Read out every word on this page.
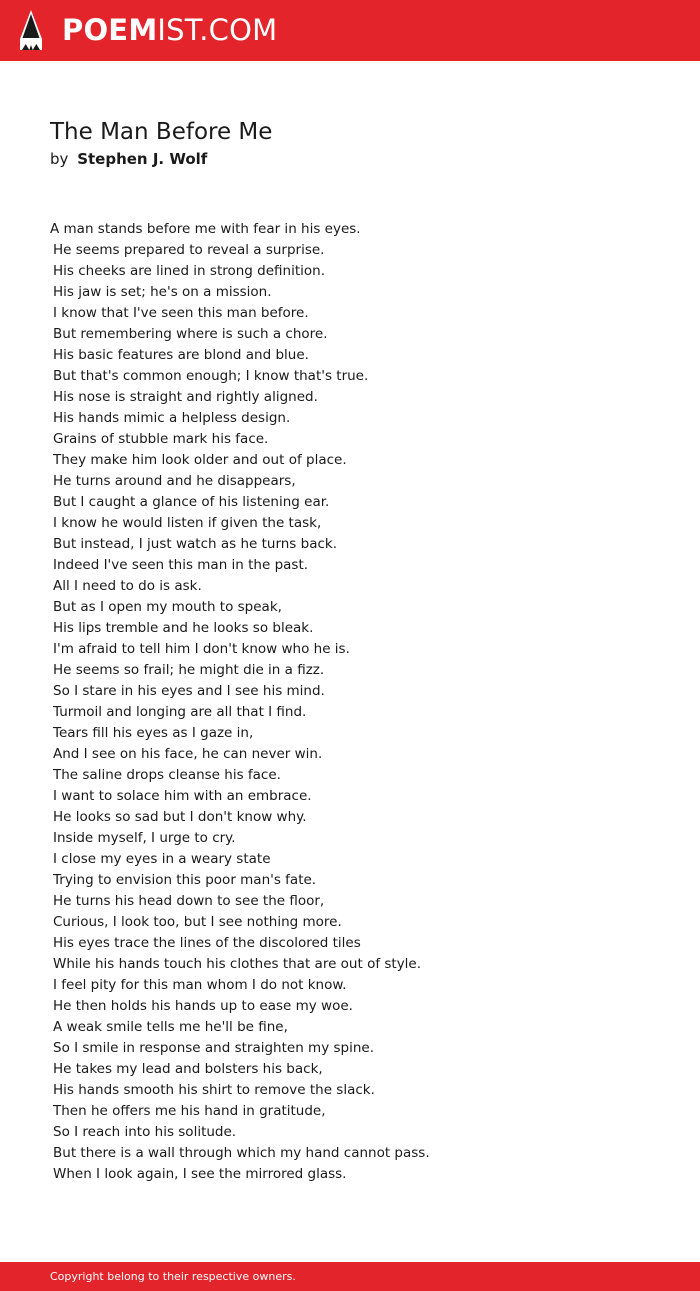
POEMIST.COM
The Man Before Me
by Stephen J. Wolf
A man stands before me with fear in his eyes.
He seems prepared to reveal a surprise.
His cheeks are lined in strong definition.
His jaw is set; he's on a mission.
I know that I've seen this man before.
But remembering where is such a chore.
His basic features are blond and blue.
But that's common enough; I know that's true.
His nose is straight and rightly aligned.
His hands mimic a helpless design.
Grains of stubble mark his face.
They make him look older and out of place.
He turns around and he disappears,
But I caught a glance of his listening ear.
I know he would listen if given the task,
But instead, I just watch as he turns back.
Indeed I've seen this man in the past.
All I need to do is ask.
But as I open my mouth to speak,
His lips tremble and he looks so bleak.
I'm afraid to tell him I don't know who he is.
He seems so frail; he might die in a fizz.
So I stare in his eyes and I see his mind.
Turmoil and longing are all that I find.
Tears fill his eyes as I gaze in,
And I see on his face, he can never win.
The saline drops cleanse his face.
I want to solace him with an embrace.
He looks so sad but I don't know why.
Inside myself, I urge to cry.
I close my eyes in a weary state
Trying to envision this poor man's fate.
He turns his head down to see the floor,
Curious, I look too, but I see nothing more.
His eyes trace the lines of the discolored tiles
While his hands touch his clothes that are out of style.
I feel pity for this man whom I do not know.
He then holds his hands up to ease my woe.
A weak smile tells me he'll be fine,
So I smile in response and straighten my spine.
He takes my lead and bolsters his back,
His hands smooth his shirt to remove the slack.
Then he offers me his hand in gratitude,
So I reach into his solitude.
But there is a wall through which my hand cannot pass.
When I look again, I see the mirrored glass.
Copyright belong to their respective owners.
